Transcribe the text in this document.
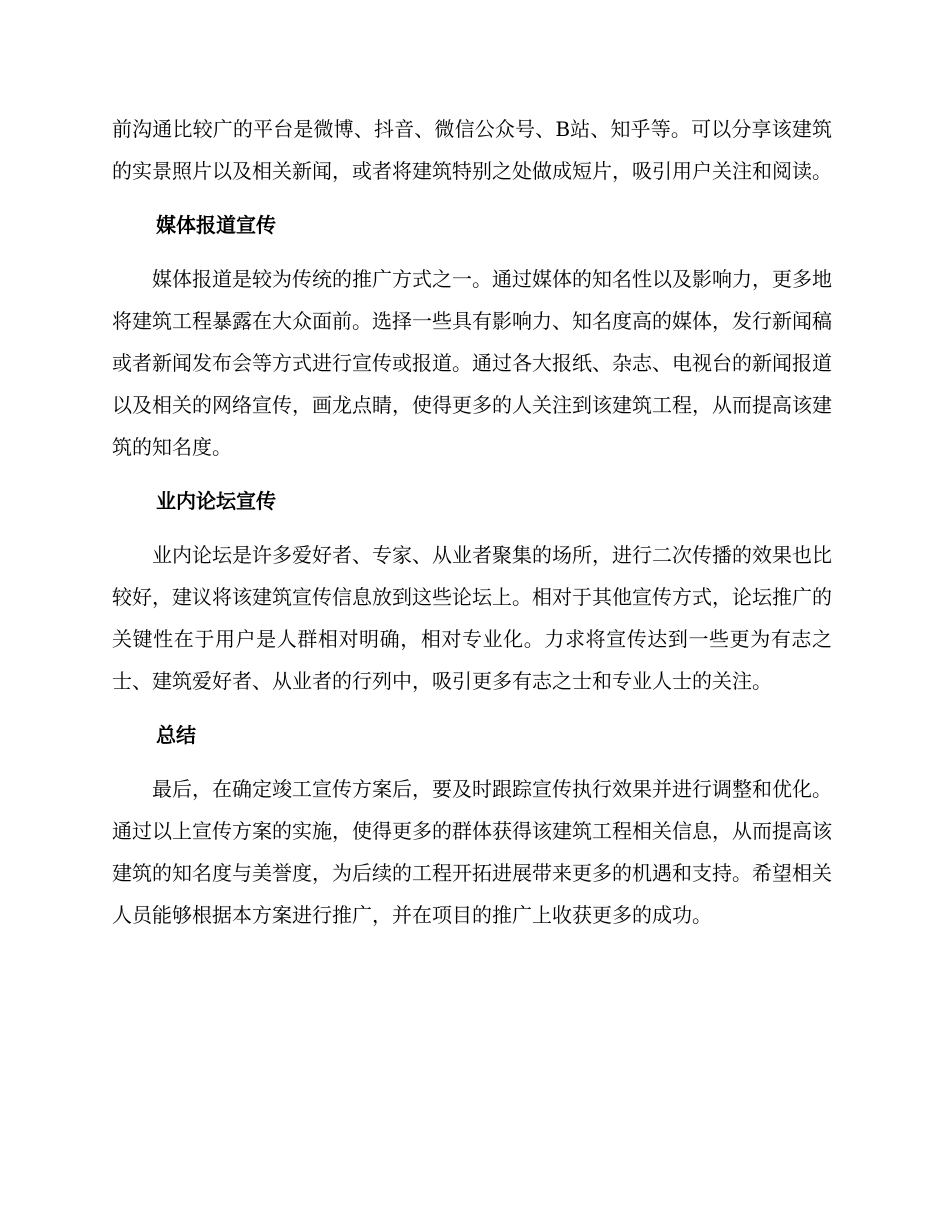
前沟通比较广的平台是微博、抖音、微信公众号、B站、知乎等。可以分享该建筑的实景照片以及相关新闻，或者将建筑特别之处做成短片，吸引用户关注和阅读。

媒体报道宣传

媒体报道是较为传统的推广方式之一。通过媒体的知名性以及影响力，更多地将建筑工程暴露在大众面前。选择一些具有影响力、知名度高的媒体，发行新闻稿或者新闻发布会等方式进行宣传或报道。通过各大报纸、杂志、电视台的新闻报道以及相关的网络宣传，画龙点睛，使得更多的人关注到该建筑工程，从而提高该建筑的知名度。

业内论坛宣传

业内论坛是许多爱好者、专家、从业者聚集的场所，进行二次传播的效果也比较好，建议将该建筑宣传信息放到这些论坛上。相对于其他宣传方式，论坛推广的关键性在于用户是人群相对明确，相对专业化。力求将宣传达到一些更为有志之士、建筑爱好者、从业者的行列中，吸引更多有志之士和专业人士的关注。

总结

最后，在确定竣工宣传方案后，要及时跟踪宣传执行效果并进行调整和优化。通过以上宣传方案的实施，使得更多的群体获得该建筑工程相关信息，从而提高该建筑的知名度与美誉度，为后续的工程开拓进展带来更多的机遇和支持。希望相关人员能够根据本方案进行推广，并在项目的推广上收获更多的成功。
